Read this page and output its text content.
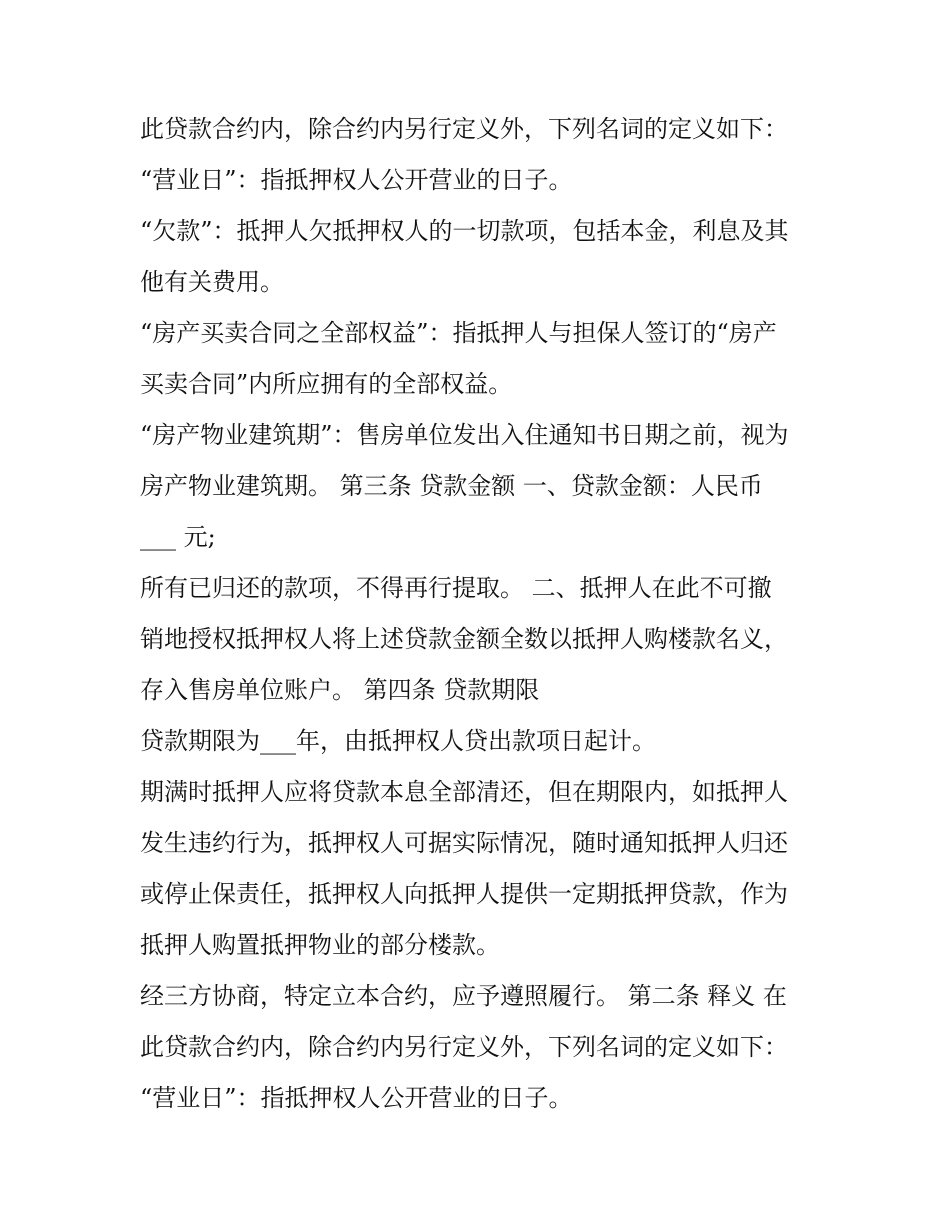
此贷款合约内，除合约内另行定义外，下列名词的定义如下：
“营业日”：指抵押权人公开营业的日子。
“欠款”：抵押人欠抵押权人的一切款项，包括本金，利息及其
他有关费用。
“房产买卖合同之全部权益”：指抵押人与担保人签订的“房产
买卖合同”内所应拥有的全部权益。
“房产物业建筑期”：售房单位发出入住通知书日期之前，视为
房产物业建筑期。 第三条 贷款金额 一、贷款金额：人民币
___ 元;
所有已归还的款项，不得再行提取。 二、抵押人在此不可撤
销地授权抵押权人将上述贷款金额全数以抵押人购楼款名义，
存入售房单位账户。 第四条 贷款期限
贷款期限为___年，由抵押权人贷出款项日起计。
期满时抵押人应将贷款本息全部清还，但在期限内，如抵押人
发生违约行为，抵押权人可据实际情况，随时通知抵押人归还
或停止保责任，抵押权人向抵押人提供一定期抵押贷款，作为
抵押人购置抵押物业的部分楼款。
经三方协商，特定立本合约，应予遵照履行。 第二条 释义 在
此贷款合约内，除合约内另行定义外，下列名词的定义如下：
“营业日”：指抵押权人公开营业的日子。
